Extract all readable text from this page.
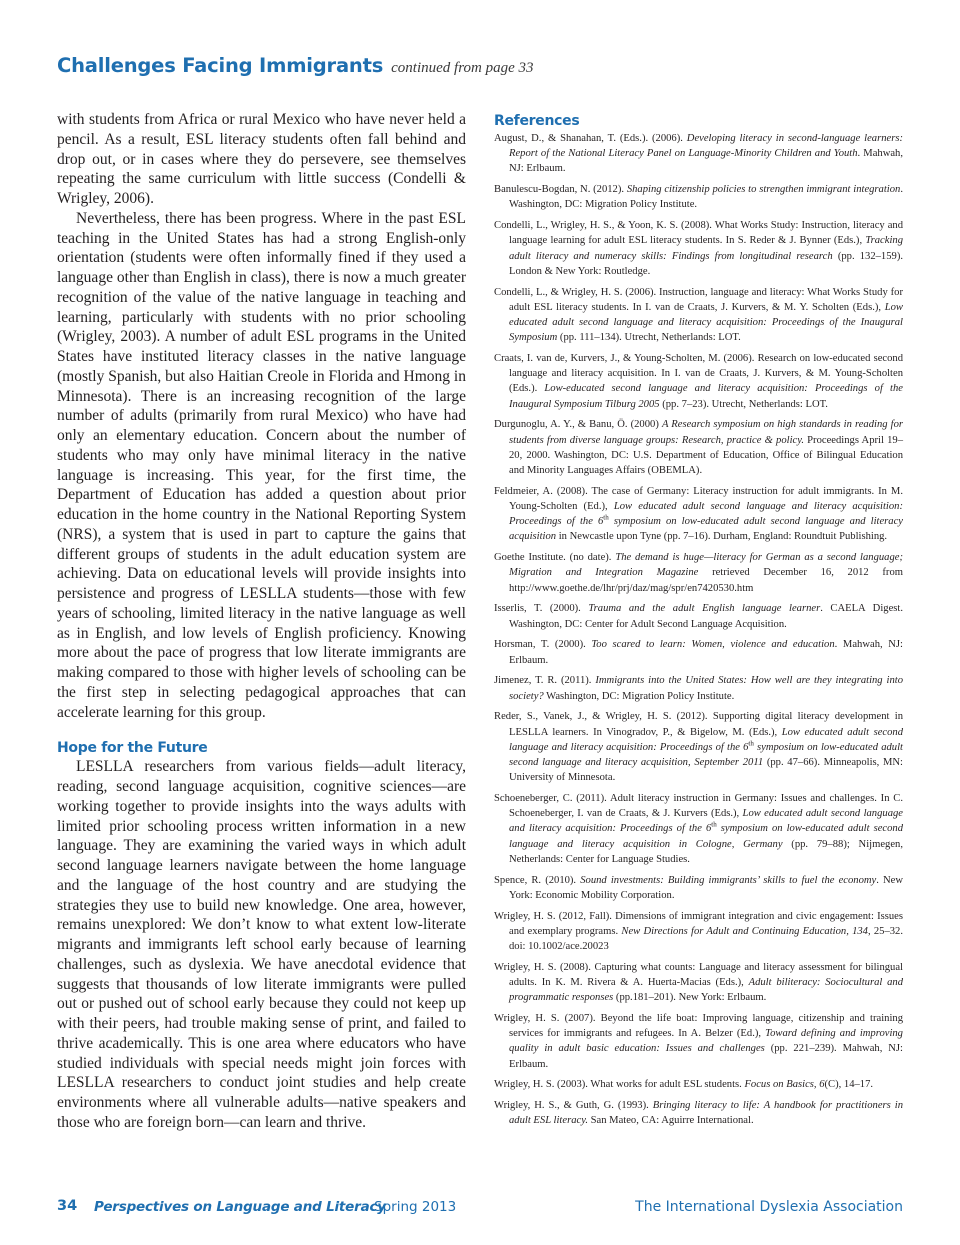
Challenges Facing Immigrants continued from page 33

with students from Africa or rural Mexico who have never held a pencil. As a result, ESL literacy students often fall behind and drop out, or in cases where they do persevere, see themselves repeating the same curriculum with little success (Condelli & Wrigley, 2006).

Nevertheless, there has been progress. Where in the past ESL teaching in the United States has had a strong English-only orientation (students were often informally fined if they used a language other than English in class), there is now a much greater recognition of the value of the native language in teaching and learning, particularly with students with no prior schooling (Wrigley, 2003). A number of adult ESL programs in the United States have instituted literacy classes in the native language (mostly Spanish, but also Haitian Creole in Florida and Hmong in Minnesota). There is an increasing recognition of the large number of adults (primarily from rural Mexico) who have had only an elementary education. Concern about the number of students who may only have minimal literacy in the native language is increasing. This year, for the first time, the Department of Education has added a question about prior education in the home country in the National Reporting System (NRS), a system that is used in part to capture the gains that different groups of students in the adult education system are achieving. Data on educational levels will provide insights into persistence and progress of LESLLA students—those with few years of schooling, limited literacy in the native language as well as in English, and low levels of English proficiency. Knowing more about the pace of progress that low literate immigrants are making compared to those with higher levels of schooling can be the first step in selecting pedagogical approaches that can accelerate learning for this group.

Hope for the Future

LESLLA researchers from various fields—adult literacy, reading, second language acquisition, cognitive sciences—are working together to provide insights into the ways adults with limited prior schooling process written information in a new language. They are examining the varied ways in which adult second language learners navigate between the home language and the language of the host country and are studying the strategies they use to build new knowledge. One area, however, remains unexplored: We don’t know to what extent low-literate migrants and immigrants left school early because of learning challenges, such as dyslexia. We have anecdotal evidence that suggests that thousands of low literate immigrants were pulled out or pushed out of school early because they could not keep up with their peers, had trouble making sense of print, and failed to thrive academically. This is one area where educators who have studied individuals with special needs might join forces with LESLLA researchers to conduct joint studies and help create environments where all vulnerable adults—native speakers and those who are foreign born—can learn and thrive.

References

August, D., & Shanahan, T. (Eds.). (2006). Developing literacy in second-language learners: Report of the National Literacy Panel on Language-Minority Children and Youth. Mahwah, NJ: Erlbaum.

Banulescu-Bogdan, N. (2012). Shaping citizenship policies to strengthen immigrant integration. Washington, DC: Migration Policy Institute.

Condelli, L., Wrigley, H. S., & Yoon, K. S. (2008). What Works Study: Instruction, literacy and language learning for adult ESL literacy students. In S. Reder & J. Bynner (Eds.), Tracking adult literacy and numeracy skills: Findings from longitudinal research (pp. 132–159). London & New York: Routledge.

Condelli, L., & Wrigley, H. S. (2006). Instruction, language and literacy: What Works Study for adult ESL literacy students. In I. van de Craats, J. Kurvers, & M. Y. Scholten (Eds.), Low educated adult second language and literacy acquisition: Proceedings of the Inaugural Symposium (pp. 111–134). Utrecht, Netherlands: LOT.

Craats, I. van de, Kurvers, J., & Young-Scholten, M. (2006). Research on low-educated second language and literacy acquisition. In I. van de Craats, J. Kurvers, & M. Young-Scholten (Eds.). Low-educated second language and literacy acquisition: Proceedings of the Inaugural Symposium Tilburg 2005 (pp. 7–23). Utrecht, Netherlands: LOT.

Durgunoglu, A. Y., & Banu, Ö. (2000) A Research symposium on high standards in reading for students from diverse language groups: Research, practice & policy. Proceedings April 19–20, 2000. Washington, DC: U.S. Department of Education, Office of Bilingual Education and Minority Languages Affairs (OBEMLA).

Feldmeier, A. (2008). The case of Germany: Literacy instruction for adult immigrants. In M. Young-Scholten (Ed.), Low educated adult second language and literacy acquisition: Proceedings of the 6th symposium on low-educated adult second language and literacy acquisition in Newcastle upon Tyne (pp. 7–16). Durham, England: Roundtuit Publishing.

Goethe Institute. (no date). The demand is huge—literacy for German as a second language; Migration and Integration Magazine retrieved December 16, 2012 from http://www.goethe.de/lhr/prj/daz/mag/spr/en7420530.htm

Isserlis, T. (2000). Trauma and the adult English language learner. CAELA Digest. Washington, DC: Center for Adult Second Language Acquisition.

Horsman, T. (2000). Too scared to learn: Women, violence and education. Mahwah, NJ: Erlbaum.

Jimenez, T. R. (2011). Immigrants into the United States: How well are they integrating into society? Washington, DC: Migration Policy Institute.

Reder, S., Vanek, J., & Wrigley, H. S. (2012). Supporting digital literacy development in LESLLA learners. In Vinogradov, P., & Bigelow, M. (Eds.), Low educated adult second language and literacy acquisition: Proceedings of the 6th symposium on low-educated adult second language and literacy acquisition, September 2011 (pp. 47–66). Minneapolis, MN: University of Minnesota.

Schoeneberger, C. (2011). Adult literacy instruction in Germany: Issues and challenges. In C. Schoeneberger, I. van de Craats, & J. Kurvers (Eds.), Low educated adult second language and literacy acquisition: Proceedings of the 6th symposium on low-educated adult second language and literacy acquisition in Cologne, Germany (pp. 79–88); Nijmegen, Netherlands: Center for Language Studies.

Spence, R. (2010). Sound investments: Building immigrants’ skills to fuel the economy. New York: Economic Mobility Corporation.

Wrigley, H. S. (2012, Fall). Dimensions of immigrant integration and civic engagement: Issues and exemplary programs. New Directions for Adult and Continuing Education, 134, 25–32. doi: 10.1002/ace.20023

Wrigley, H. S. (2008). Capturing what counts: Language and literacy assessment for bilingual adults. In K. M. Rivera & A. Huerta-Macias (Eds.), Adult biliteracy: Sociocultural and programmatic responses (pp.181–201). New York: Erlbaum.

Wrigley, H. S. (2007). Beyond the life boat: Improving language, citizenship and training services for immigrants and refugees. In A. Belzer (Ed.), Toward defining and improving quality in adult basic education: Issues and challenges (pp. 221–239). Mahwah, NJ: Erlbaum.

Wrigley, H. S. (2003). What works for adult ESL students. Focus on Basics, 6(C), 14–17.

Wrigley, H. S., & Guth, G. (1993). Bringing literacy to life: A handbook for practitioners in adult ESL literacy. San Mateo, CA: Aguirre International.

34 Perspectives on Language and Literacy
Spring 2013	The International Dyslexia Association
